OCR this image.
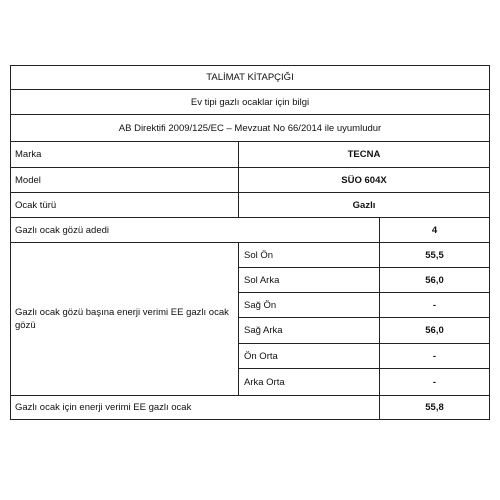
TALİMAT KİTAPÇIĞI
Ev tipi gazlı ocaklar için bilgi
AB Direktifi 2009/125/EC – Mevzuat No 66/2014 ile uyumludur
Marka	TECNA
Model	SÜO 604X
Ocak türü	Gazlı
Gazlı ocak gözü adedi	4
Gazlı ocak gözü başına enerji verimi EE gazlı ocak gözü
Sol Ön	55,5
Sol Arka	56,0
Sağ Ön	-
Sağ Arka	56,0
Ön Orta	-
Arka Orta	-
Gazlı ocak için enerji verimi EE gazlı ocak	55,8
